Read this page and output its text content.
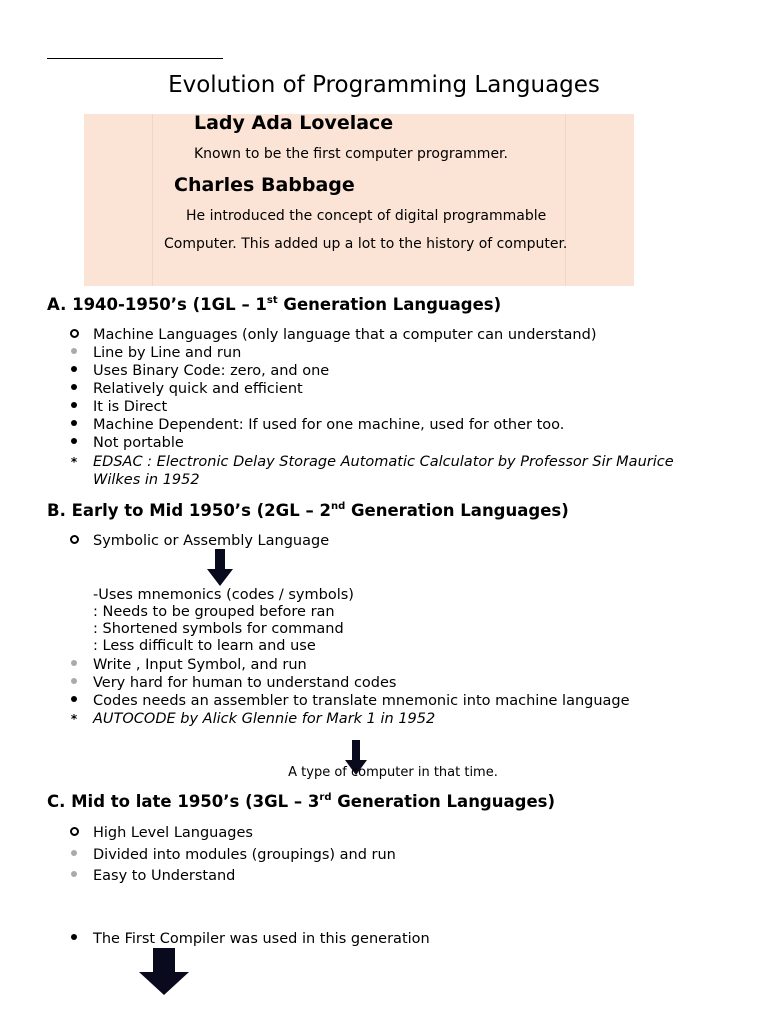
Evolution of Programming Languages
Lady Ada Lovelace
Known to be the first computer programmer.
Charles Babbage
He introduced the concept of digital programmable
Computer. This added up a lot to the history of computer.
A. 1940-1950’s (1GL – 1st Generation Languages)
Machine Languages (only language that a computer can understand)
Line by Line and run
Uses Binary Code: zero, and one
Relatively quick and efficient
It is Direct
Machine Dependent: If used for one machine, used for other too.
Not portable
*	EDSAC : Electronic Delay Storage Automatic Calculator by Professor Sir Maurice
Wilkes in 1952
B. Early to Mid 1950’s (2GL – 2nd Generation Languages)
Symbolic or Assembly Language
-Uses mnemonics (codes / symbols)
: Needs to be grouped before ran
: Shortened symbols for command
: Less difficult to learn and use
Write , Input Symbol, and run
Very hard for human to understand codes
Codes needs an assembler to translate mnemonic into machine language
*	AUTOCODE by Alick Glennie for Mark 1 in 1952
A type of computer in that time.
C. Mid to late 1950’s (3GL – 3rd Generation Languages)
High Level Languages
Divided into modules (groupings) and run
Easy to Understand
The First Compiler was used in this generation
